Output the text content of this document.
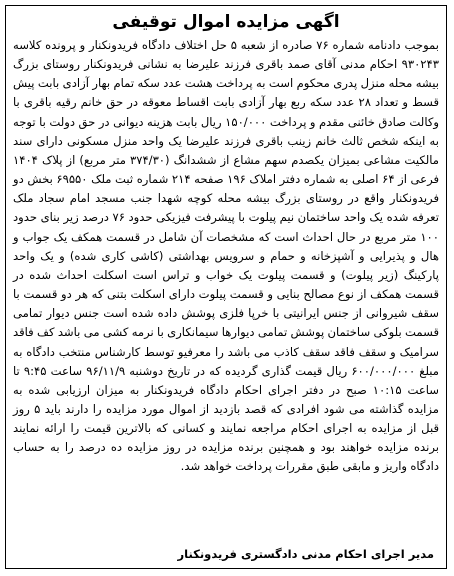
اگهی مزایده اموال توقیفی

بموجب دادنامه شماره ۷۶ صادره از شعبه ۵ حل اختلاف دادگاه فریدونکنار و پرونده کلاسه ۹۳۰۲۴۳ احکام مدنی آقای صمد باقری فرزند علیرضا به نشانی فریدونکنار روستای بزرگ بیشه محله منزل پدری محکوم است به پرداخت هشت عدد سکه تمام بهار آزادی بابت پیش قسط و تعداد ۲۸ عدد سکه ربع بهار آزادی بابت اقساط معوقه در حق خانم رقیه باقری با وکالت صادق خائنی مقدم و پرداخت ۱۵۰/۰۰۰ ریال بابت هزینه دیوانی در حق دولت با توجه به اینکه شخص ثالث خانم زینب باقری فرزند علیرضا یک واحد منزل مسکونی دارای سند مالکیت مشاعی بمیزان یکصدم سهم مشاع از ششدانگ (۳۷۴/۳۰ متر مربع) از پلاک ۱۴۰۴ فرعی از ۶۴ اصلی به شماره دفتر املاک ۱۹۶ صفحه ۲۱۴ شماره ثبت ملک ۶۹۵۵۰ بخش دو فریدونکنار واقع در روستای بزرگ بیشه محله کوچه شهدا جنب مسجد امام سجاد ملک تعرفه شده یک واحد ساختمان نیم پیلوت با پیشرفت فیزیکی حدود ۷۶ درصد زیر بنای حدود ۱۰۰ متر مربع در حال احداث است که مشخصات آن شامل در قسمت همکف یک جواب و هال و پذیرایی و آشپزخانه و حمام و سرویس بهداشتی (کاشی کاری شده) و یک واحد پارکینگ (زیر پیلوت) و قسمت پیلوت یک خواب و تراس است اسکلت احداث شده در قسمت همکف از نوع مصالح بنایی و قسمت پیلوت دارای اسکلت بتنی که هر دو قسمت با سقف شیروانی از جنس ایرانیتی با خرپا فلزی پوشش داده شده است جنس دیوار تمامی قسمت بلوکی ساختمان پوشش تمامی دیوارها سیمانکاری با نرمه کشی می باشد کف فاقد سرامیک و سقف فاقد سقف کاذب می باشد را معرفیو توسط کارشناس منتخب دادگاه به مبلغ ۶۰۰/۰۰۰/۰۰۰ ریال قیمت گذاری گردیده که در تاریخ دوشنبه ۹۶/۱۱/۹ ساعت ۹:۴۵ تا ساعت ۱۰:۱۵ صبح در دفتر اجرای احکام دادگاه فریدونکنار به میزان ارزیابی شده به مزایده گذاشته می شود افرادی که قصد بازدید از اموال مورد مزایده را دارند باید ۵ روز قبل از مزایده به اجرای احکام مراجعه نمایند و کسانی که بالاترین قیمت را ارائه نمایند برنده مزایده خواهند بود و همچنین برنده مزایده در روز مزایده ده درصد را به حساب دادگاه واریز و مابقی طبق مقررات پرداخت خواهد شد.

مدیر اجرای احکام مدنی دادگستری فریدونکنار
